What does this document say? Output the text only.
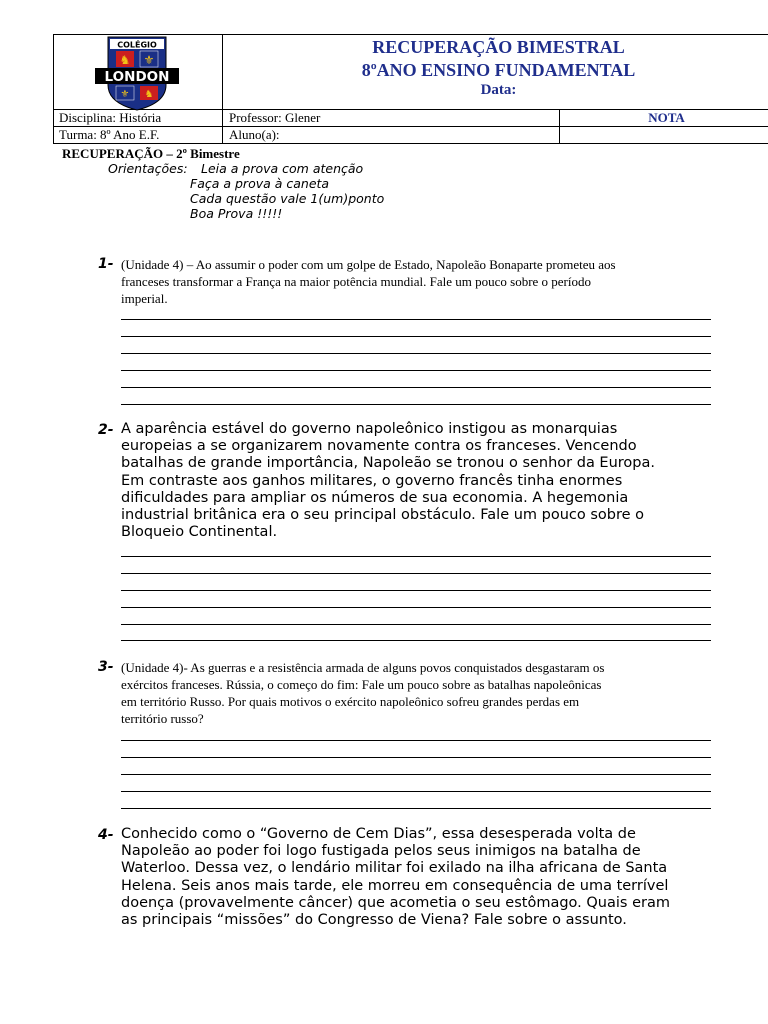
COLÉGIO
♞ ⚜
LONDON
⚜ ♞
RECUPERAÇÃO BIMESTRAL
8ºANO ENSINO FUNDAMENTAL
Data:
Disciplina: História	Professor: Glener	NOTA
Turma: 8º Ano E.F.	Aluno(a):
RECUPERAÇÃO – 2º Bimestre
Orientações: Leia a prova com atenção
Faça a prova à caneta
Cada questão vale 1(um)ponto
Boa Prova !!!!!
1- (Unidade 4) – Ao assumir o poder com um golpe de Estado, Napoleão Bonaparte prometeu aos
franceses transformar a França na maior potência mundial. Fale um pouco sobre o período
imperial.
2- A aparência estável do governo napoleônico instigou as monarquias
europeias a se organizarem novamente contra os franceses. Vencendo
batalhas de grande importância, Napoleão se tronou o senhor da Europa.
Em contraste aos ganhos militares, o governo francês tinha enormes
dificuldades para ampliar os números de sua economia. A hegemonia
industrial britânica era o seu principal obstáculo. Fale um pouco sobre o
Bloqueio Continental.
3- (Unidade 4)- As guerras e a resistência armada de alguns povos conquistados desgastaram os
exércitos franceses. Rússia, o começo do fim: Fale um pouco sobre as batalhas napoleônicas
em território Russo. Por quais motivos o exército napoleônico sofreu grandes perdas em
território russo?
4- Conhecido como o “Governo de Cem Dias”, essa desesperada volta de
Napoleão ao poder foi logo fustigada pelos seus inimigos na batalha de
Waterloo. Dessa vez, o lendário militar foi exilado na ilha africana de Santa
Helena. Seis anos mais tarde, ele morreu em consequência de uma terrível
doença (provavelmente câncer) que acometia o seu estômago. Quais eram
as principais “missões” do Congresso de Viena? Fale sobre o assunto.
